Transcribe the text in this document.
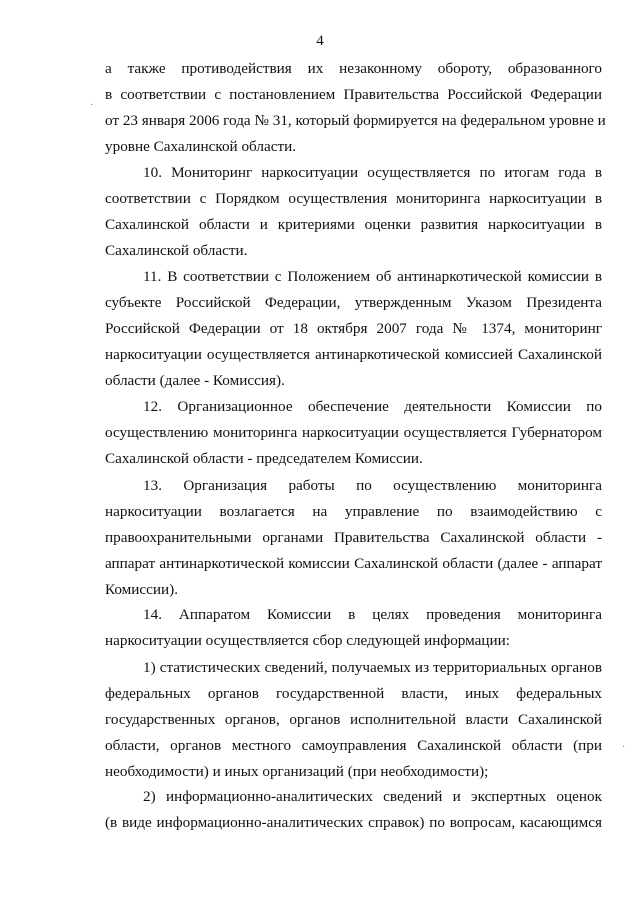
4
·
·
а также противодействия их незаконному обороту, образованного
в соответствии с постановлением Правительства Российской Федерации
от 23 января 2006 года № 31, который формируется на федеральном уровне и
уровне Сахалинской области.
10. Мониторинг наркоситуации осуществляется по итогам года в
соответствии с Порядком осуществления мониторинга наркоситуации в
Сахалинской области и критериями оценки развития наркоситуации в
Сахалинской области.
11. В соответствии с Положением об антинаркотической комиссии в
субъекте Российской Федерации, утвержденным Указом Президента
Российской Федерации от 18 октября 2007 года № 1374, мониторинг
наркоситуации осуществляется антинаркотической комиссией Сахалинской
области (далее - Комиссия).
12. Организационное обеспечение деятельности Комиссии по
осуществлению мониторинга наркоситуации осуществляется Губернатором
Сахалинской области - председателем Комиссии.
13. Организация работы по осуществлению мониторинга
наркоситуации возлагается на управление по взаимодействию с
правоохранительными органами Правительства Сахалинской области -
аппарат антинаркотической комиссии Сахалинской области (далее - аппарат
Комиссии).
14. Аппаратом Комиссии в целях проведения мониторинга
наркоситуации осуществляется сбор следующей информации:
1) статистических сведений, получаемых из территориальных органов
федеральных органов государственной власти, иных федеральных
государственных органов, органов исполнительной власти Сахалинской
области, органов местного самоуправления Сахалинской области (при
необходимости) и иных организаций (при необходимости);
2) информационно-аналитических сведений и экспертных оценок
(в виде информационно-аналитических справок) по вопросам, касающимся
